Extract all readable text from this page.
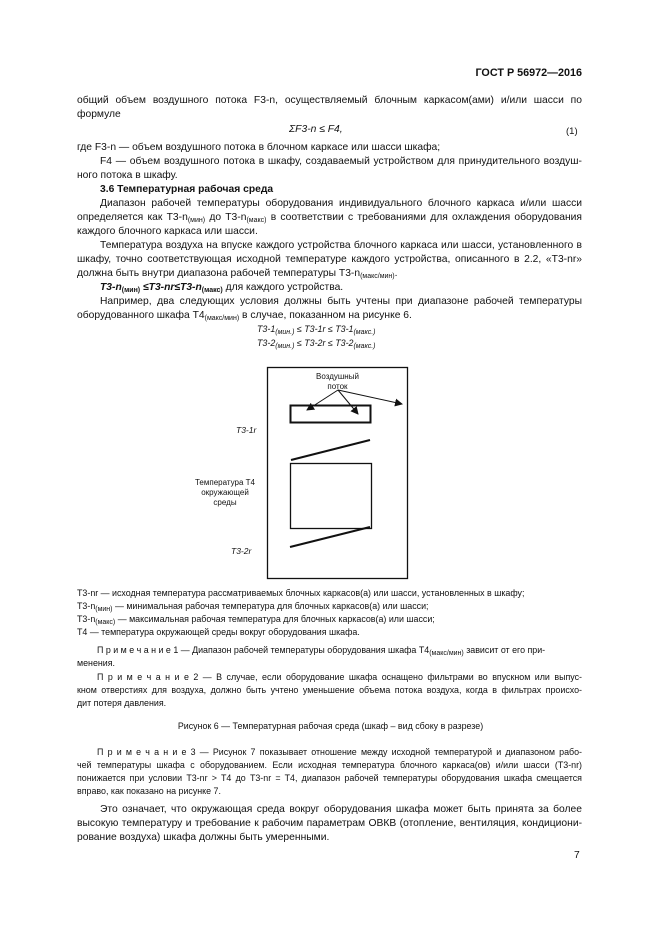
ГОСТ Р 56972—2016
общий объем воздушного потока F3-n, осуществляемый блочным каркасом(ами) и/или шасси по
формуле
ΣF3-n ≤ F4,	(1)
где F3-n — объем воздушного потока в блочном каркасе или шасси шкафа;
F4 — объем воздушного потока в шкафу, создаваемый устройством для принудительного воздуш-
ного потока в шкафу.
3.6 Температурная рабочая среда
Диапазон рабочей температуры оборудования индивидуального блочного каркаса и/или шасси
определяется как $T3-n_{(мин)}$ до $T3-n_{(макс)}$ в соответствии с требованиями для охлаждения оборудования
каждого блочного каркаса или шасси.
Температура воздуха на впуске каждого устройства блочного каркаса или шасси, установленного в
шкафу, точно соответствующая исходной температуре каждого устройства, описанного в 2.2, «T3-nr»
должна быть внутри диапазона рабочей температуры $T3-n_{(макс/мин)}$.
$T3-n_{(мин)} \le T3-nr\le T3-n_{(макс)}$ для каждого устройства.
Например, два следующих условия должны быть учтены при диапазоне рабочей температуры
оборудованного шкафа $T4_{(макс/мин)}$ в случае, показанном на рисунке 6.
$T3-1_{(мин.)} \le T3-1r \le T3-1_{(макс.)}$
$T3-2_{(мин.)} \le T3-2r \le T3-2_{(макс.)}$
Воздушный
поток
T3-1r
Температура T4
окружающей
среды
T3-2r
T3-nr — исходная температура рассматриваемых блочных каркасов(а) или шасси, установленных в шкафу;
$T3-n_{(мин)}$ — минимальная рабочая температура для блочных каркасов(а) или шасси;
$T3-n_{(макс)}$ — максимальная рабочая температура для блочных каркасов(а) или шасси;
T4 — температура окружающей среды вокруг оборудования шкафа.
П р и м е ч а н и е 1 — Диапазон рабочей температуры оборудования шкафа $T4_{(макс/мин)}$ зависит от его при-
менения.
П р и м е ч а н и е 2 — В случае, если оборудование шкафа оснащено фильтрами во впускном или выпус-
кном отверстиях для воздуха, должно быть учтено уменьшение объема потока воздуха, когда в фильтрах происхо-
дит потеря давления.
Рисунок 6 — Температурная рабочая среда (шкаф – вид сбоку в разрезе)
П р и м е ч а н и е 3 — Рисунок 7 показывает отношение между исходной температурой и диапазоном рабо-
чей температуры шкафа с оборудованием. Если исходная температура блочного каркаса(ов) и/или шасси (T3-nr)
понижается при условии T3-nr > T4 до T3-nr = T4, диапазон рабочей температуры оборудования шкафа смещается
вправо, как показано на рисунке 7.
Это означает, что окружающая среда вокруг оборудования шкафа может быть принята за более
высокую температуру и требование к рабочим параметрам ОВКВ (отопление, вентиляция, кондициони-
рование воздуха) шкафа должны быть умеренными.
7
